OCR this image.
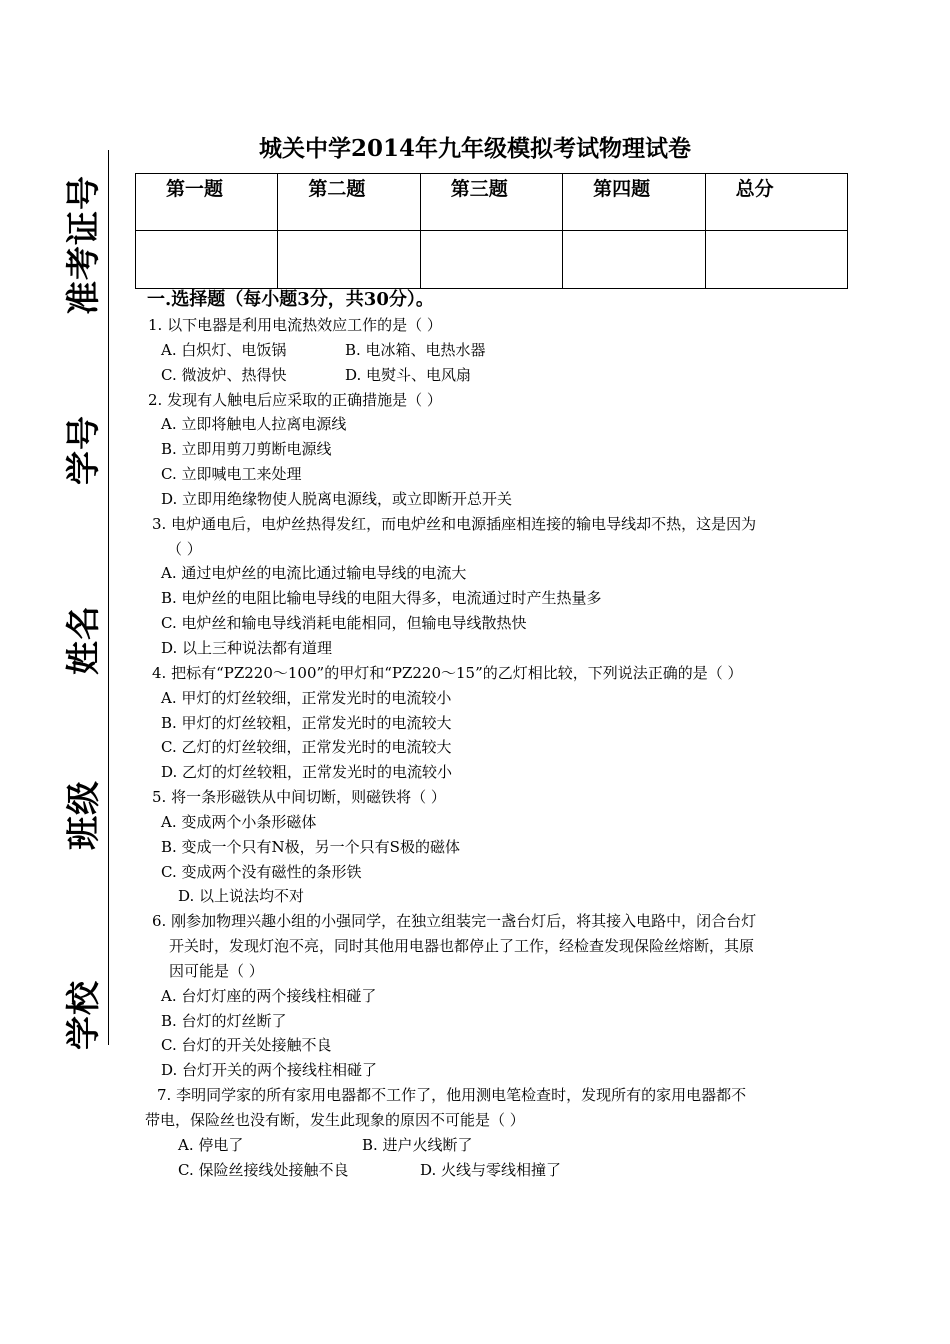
学校
班级
姓名
学号
准考证号
城关中学2014年九年级模拟考试物理试卷
第一题	第二题	第三题	第四题	总分

一.选择题（每小题3分，共30分）。
1. 以下电器是利用电流热效应工作的是（ ）
A. 白炽灯、电饭锅	B. 电冰箱、电热水器
C. 微波炉、热得快	D. 电熨斗、电风扇
2. 发现有人触电后应采取的正确措施是（ ）
A. 立即将触电人拉离电源线
B. 立即用剪刀剪断电源线
C. 立即喊电工来处理
D. 立即用绝缘物使人脱离电源线，或立即断开总开关
3. 电炉通电后，电炉丝热得发红，而电炉丝和电源插座相连接的输电导线却不热，这是因为
（ ）
A. 通过电炉丝的电流比通过输电导线的电流大
B. 电炉丝的电阻比输电导线的电阻大得多，电流通过时产生热量多
C. 电炉丝和输电导线消耗电能相同，但输电导线散热快
D. 以上三种说法都有道理
4. 把标有“PZ220～100”的甲灯和“PZ220～15”的乙灯相比较，下列说法正确的是（ ）
A. 甲灯的灯丝较细，正常发光时的电流较小
B. 甲灯的灯丝较粗，正常发光时的电流较大
C. 乙灯的灯丝较细，正常发光时的电流较大
D. 乙灯的灯丝较粗，正常发光时的电流较小
5. 将一条形磁铁从中间切断，则磁铁将（ ）
A. 变成两个小条形磁体
B. 变成一个只有N极，另一个只有S极的磁体
C. 变成两个没有磁性的条形铁
D. 以上说法均不对
6. 刚参加物理兴趣小组的小强同学，在独立组装完一盏台灯后，将其接入电路中，闭合台灯
开关时，发现灯泡不亮，同时其他用电器也都停止了工作，经检查发现保险丝熔断，其原
因可能是（ ）
A. 台灯灯座的两个接线柱相碰了
B. 台灯的灯丝断了
C. 台灯的开关处接触不良
D. 台灯开关的两个接线柱相碰了
7. 李明同学家的所有家用电器都不工作了，他用测电笔检查时，发现所有的家用电器都不
带电，保险丝也没有断，发生此现象的原因不可能是（ ）
A. 停电了	B. 进户火线断了
C. 保险丝接线处接触不良	D. 火线与零线相撞了
